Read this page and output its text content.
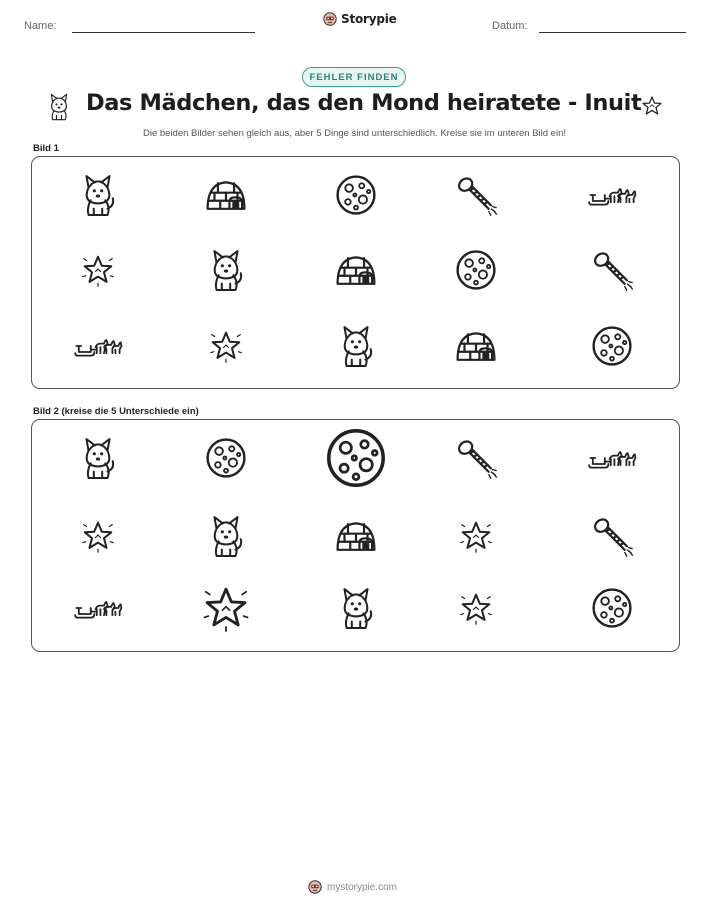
Name:	Storypie	Datum:
FEHLER FINDEN
Das Mädchen, das den Mond heiratete - Inuit
Die beiden Bilder sehen gleich aus, aber 5 Dinge sind unterschiedlich. Kreise sie im unteren Bild ein!
Bild 1
Bild 2 (kreise die 5 Unterschiede ein)
mystorypie.com
